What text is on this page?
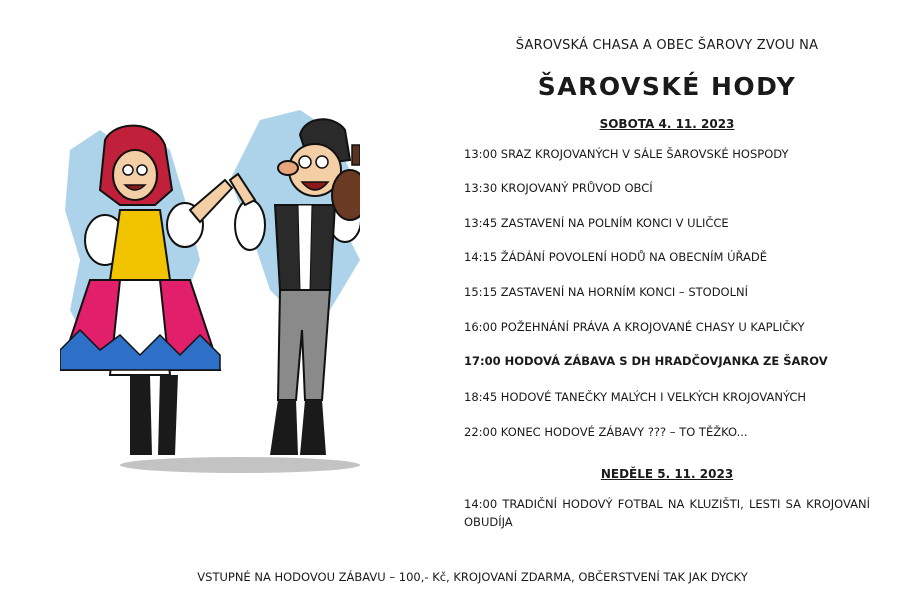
ŠAROVSKÁ CHASA A OBEC ŠAROVY ZVOU NA
ŠAROVSKÉ HODY
SOBOTA 4. 11. 2023
13:00 SRAZ KROJOVANÝCH V SÁLE ŠAROVSKÉ HOSPODY
13:30 KROJOVANÝ PRŮVOD OBCÍ
13:45 ZASTAVENÍ NA POLNÍM KONCI V ULIČCE
14:15 ŽÁDÁNÍ POVOLENÍ HODŮ NA OBECNÍM ÚŘADĚ
15:15 ZASTAVENÍ NA HORNÍM KONCI – STODOLNÍ
16:00 POŽEHNÁNÍ PRÁVA A KROJOVANÉ CHASY U KAPLIČKY
17:00 HODOVÁ ZÁBAVA S DH HRADČOVJANKA ZE ŠAROV
18:45 HODOVÉ TANEČKY MALÝCH I VELKÝCH KROJOVANÝCH
22:00 KONEC HODOVÉ ZÁBAVY ??? – TO TĚŽKO...
NEDĚLE 5. 11. 2023
14:00 TRADIČNÍ HODOVÝ FOTBAL NA KLUZIŠTI, LESTI SA KROJOVANÍ OBUDÍJA
VSTUPNÉ NA HODOVOU ZÁBAVU – 100,- Kč, KROJOVANÍ ZDARMA, OBČERSTVENÍ TAK JAK DYCKY
